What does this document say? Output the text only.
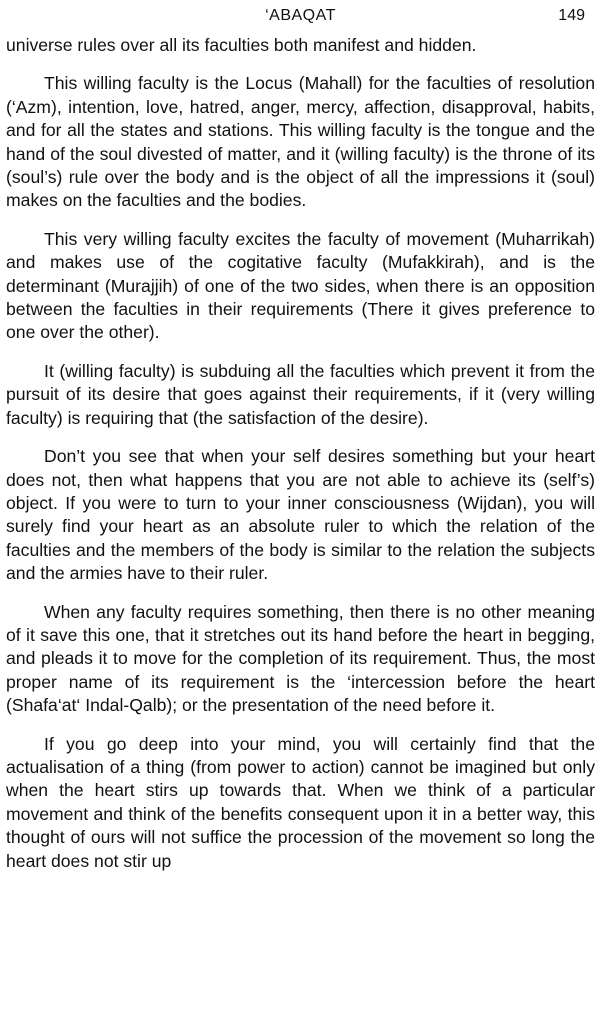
‘ABAQAT	149

universe rules over all its faculties both manifest and hidden.

This willing faculty is the Locus (Mahall) for the faculties of resolution (‘Azm), intention, love, hatred, anger, mercy, affection, disapproval, habits, and for all the states and stations. This willing faculty is the tongue and the hand of the soul divested of matter, and it (willing faculty) is the throne of its (soul’s) rule over the body and is the object of all the impressions it (soul) makes on the faculties and the bodies.

This very willing faculty excites the faculty of movement (Muharrikah) and makes use of the cogitative faculty (Mufakkirah), and is the determinant (Murajjih) of one of the two sides, when there is an opposition between the faculties in their requirements (There it gives preference to one over the other).

It (willing faculty) is subduing all the faculties which prevent it from the pursuit of its desire that goes against their requirements, if it (very willing faculty) is requiring that (the satisfaction of the desire).

Don’t you see that when your self desires something but your heart does not, then what happens that you are not able to achieve its (self’s) object. If you were to turn to your inner consciousness (Wijdan), you will surely find your heart as an absolute ruler to which the relation of the faculties and the members of the body is similar to the relation the subjects and the armies have to their ruler.

When any faculty requires something, then there is no other meaning of it save this one, that it stretches out its hand before the heart in begging, and pleads it to move for the completion of its requirement. Thus, the most proper name of its requirement is the ‘intercession before the heart (Shafa‘at‘ Indal-Qalb); or the presentation of the need before it.

If you go deep into your mind, you will certainly find that the actualisation of a thing (from power to action) cannot be imagined but only when the heart stirs up towards that. When we think of a particular movement and think of the benefits consequent upon it in a better way, this thought of ours will not suffice the procession of the movement so long the heart does not stir up
